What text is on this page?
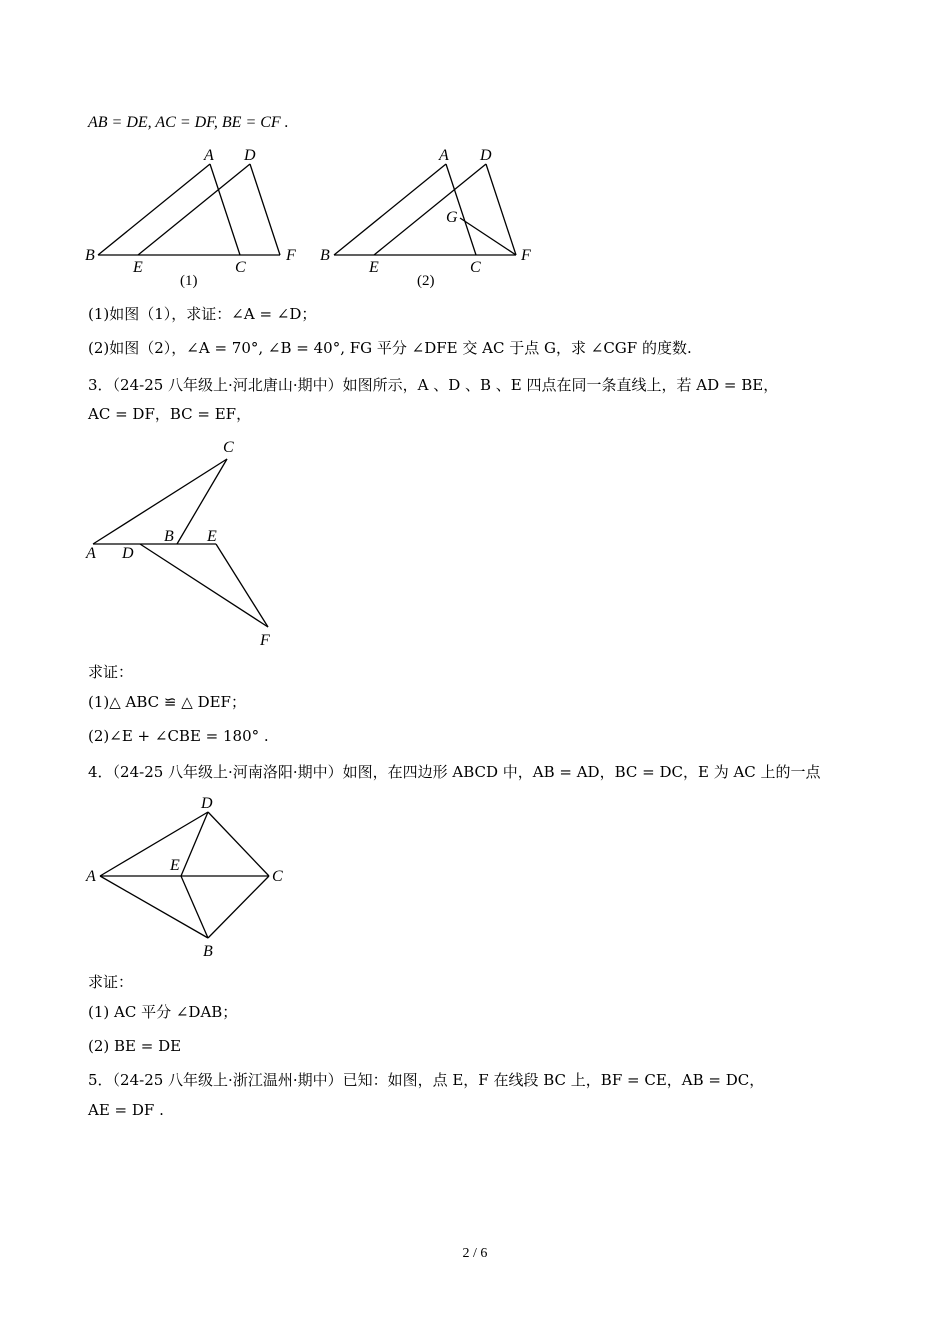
AB = DE, AC = DF, BE = CF .

A D
B
E	C
F
(1)
A D
G
B
E	C
F
(2)

(1)如图（1），求证：∠A = ∠D；

(2)如图（2），∠A = 70°, ∠B = 40°, FG 平分 ∠DFE 交 AC 于点 G，求 ∠CGF 的度数.

3．（24-25 八年级上·河北唐山·期中）如图所示，A 、D 、B 、E 四点在同一条直线上，若 AD = BE，

AC = DF，BC = EF，

C
B E
A D
F

求证：

(1)△ ABC ≌ △ DEF；

(2)∠E + ∠CBE = 180° .

4．（24-25 八年级上·河南洛阳·期中）如图，在四边形 ABCD 中，AB = AD，BC = DC，E 为 AC 上的一点

D
E
A	C
B

求证：

(1) AC 平分 ∠DAB；

(2) BE = DE

5．（24-25 八年级上·浙江温州·期中）已知：如图，点 E，F 在线段 BC 上，BF = CE，AB = DC，

AE = DF .

2 / 6
